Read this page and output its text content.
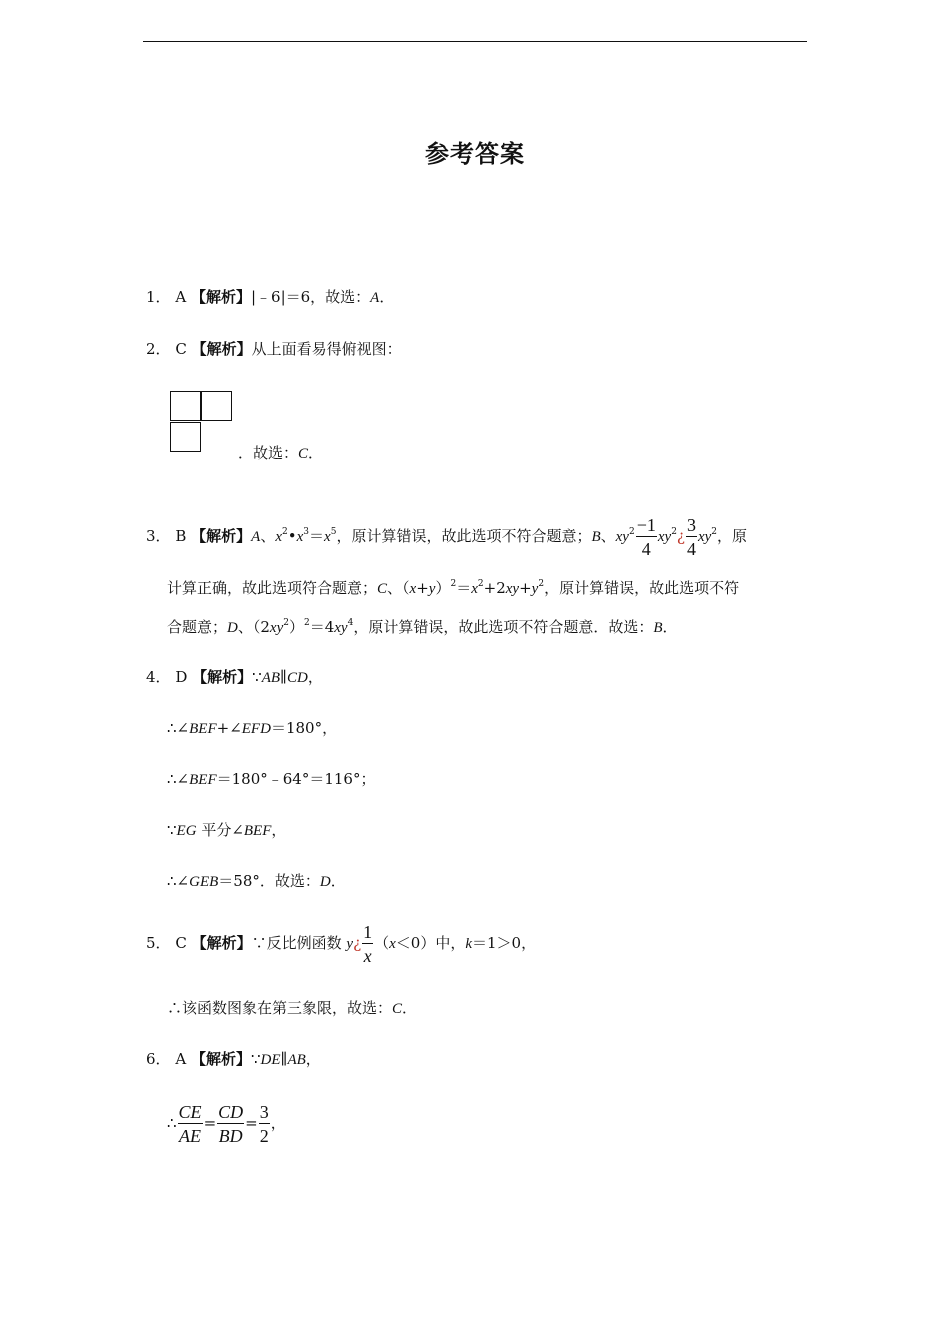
参考答案
1． A 【解析】|﹣6|＝6，故选：A．
2． C 【解析】从上面看易得俯视图：
．故选：C．
3． B 【解析】A、$x^2•x^3=x^5$，原计算错误，故此选项不符合题意；B、$xy^2 \frac{-1}{4}$ $xy^2¿ \frac{3}{4} xy^2$，原
计算正确，故此选项符合题意；C、$(x+y)^2=x^2+2xy+y^2$，原计算错误，故此选项不符
合题意；D、$(2xy^2)^2=4xy^4$，原计算错误，故此选项不符合题意．故选：B．
4． D 【解析】∵AB∥CD，
∴∠BEF+∠EFD＝180°，
∴∠BEF＝180°﹣64°＝116°；
∵EG 平分∠BEF，
∴∠GEB＝58°．故选：D．
5． C 【解析】∵反比例函数 y¿ $\frac{1}{x} (x<0)$中，k＝1＞0，
∴该函数图象在第三象限，故选：C．
6． A 【解析】∵DE∥AB，
∴ $\frac{CE}{AE} = \frac{CD}{BD} = \frac{3}{2}$ ，
